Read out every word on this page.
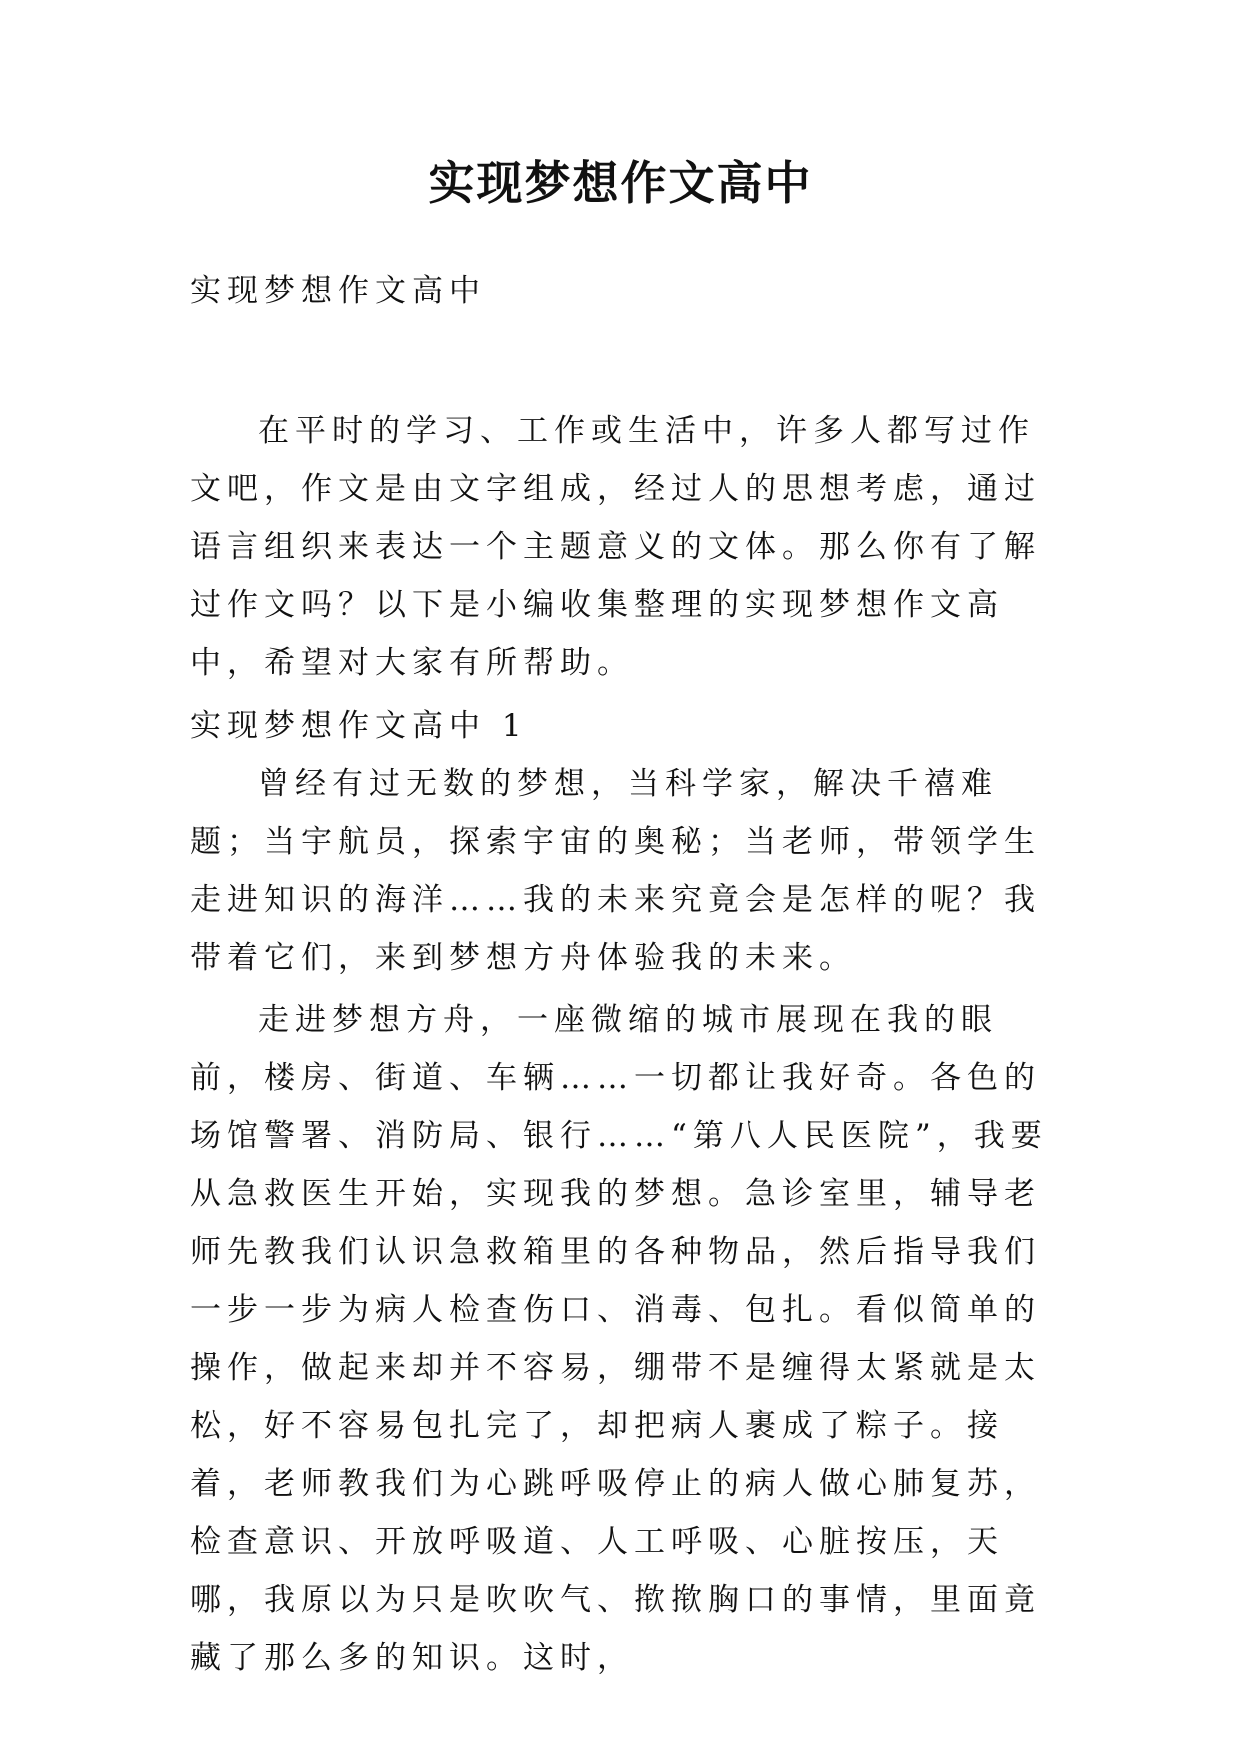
实现梦想作文高中

实现梦想作文高中

在平时的学习、工作或生活中，许多人都写过作文吧，作文是由文字组成，经过人的思想考虑，通过语言组织来表达一个主题意义的文体。那么你有了解过作文吗？以下是小编收集整理的实现梦想作文高中，希望对大家有所帮助。

实现梦想作文高中 1

曾经有过无数的梦想，当科学家，解决千禧难题；当宇航员，探索宇宙的奥秘；当老师，带领学生走进知识的海洋……我的未来究竟会是怎样的呢？我带着它们，来到梦想方舟体验我的未来。

走进梦想方舟，一座微缩的城市展现在我的眼前，楼房、街道、车辆……一切都让我好奇。各色的场馆警署、消防局、银行……“第八人民医院”，我要从急救医生开始，实现我的梦想。急诊室里，辅导老师先教我们认识急救箱里的各种物品，然后指导我们一步一步为病人检查伤口、消毒、包扎。看似简单的操作，做起来却并不容易，绷带不是缠得太紧就是太松，好不容易包扎完了，却把病人裹成了粽子。接着，老师教我们为心跳呼吸停止的病人做心肺复苏，检查意识、开放呼吸道、人工呼吸、心脏按压，天哪，我原以为只是吹吹气、揿揿胸口的事情，里面竟藏了那么多的知识。这时，
